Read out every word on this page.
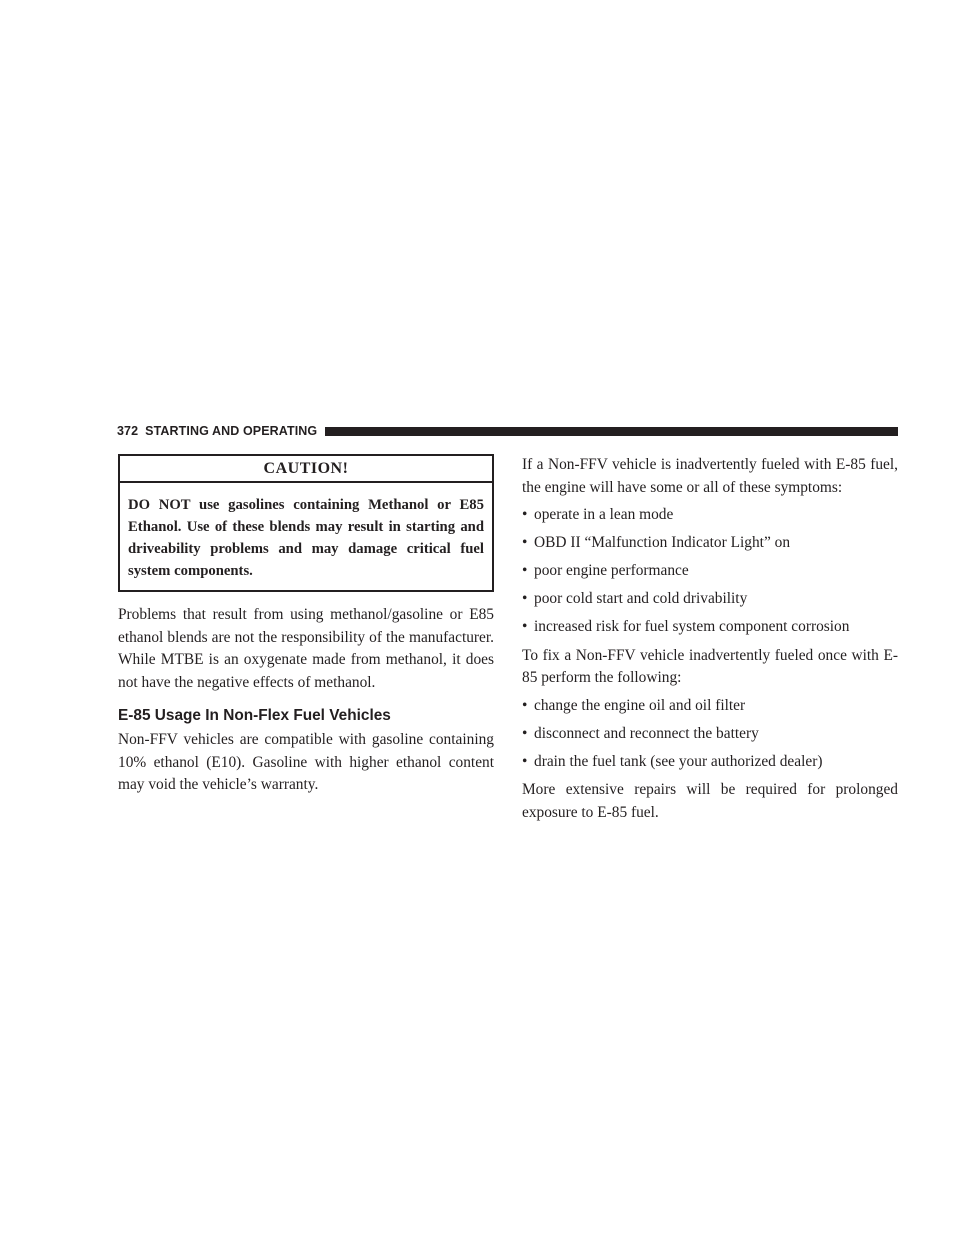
372 STARTING AND OPERATING
CAUTION!
DO NOT use gasolines containing Methanol or E85 Ethanol. Use of these blends may result in starting and driveability problems and may damage critical fuel system components.

Problems that result from using methanol/gasoline or E85 ethanol blends are not the responsibility of the manufacturer. While MTBE is an oxygenate made from methanol, it does not have the negative effects of methanol.

E-85 Usage In Non-Flex Fuel Vehicles

Non-FFV vehicles are compatible with gasoline containing 10% ethanol (E10). Gasoline with higher ethanol content may void the vehicle’s warranty.

If a Non-FFV vehicle is inadvertently fueled with E-85 fuel, the engine will have some or all of these symptoms:

• operate in a lean mode
• OBD II “Malfunction Indicator Light” on
• poor engine performance
• poor cold start and cold drivability
• increased risk for fuel system component corrosion

To fix a Non-FFV vehicle inadvertently fueled once with E-85 perform the following:

• change the engine oil and oil filter
• disconnect and reconnect the battery
• drain the fuel tank (see your authorized dealer)

More extensive repairs will be required for prolonged exposure to E-85 fuel.
